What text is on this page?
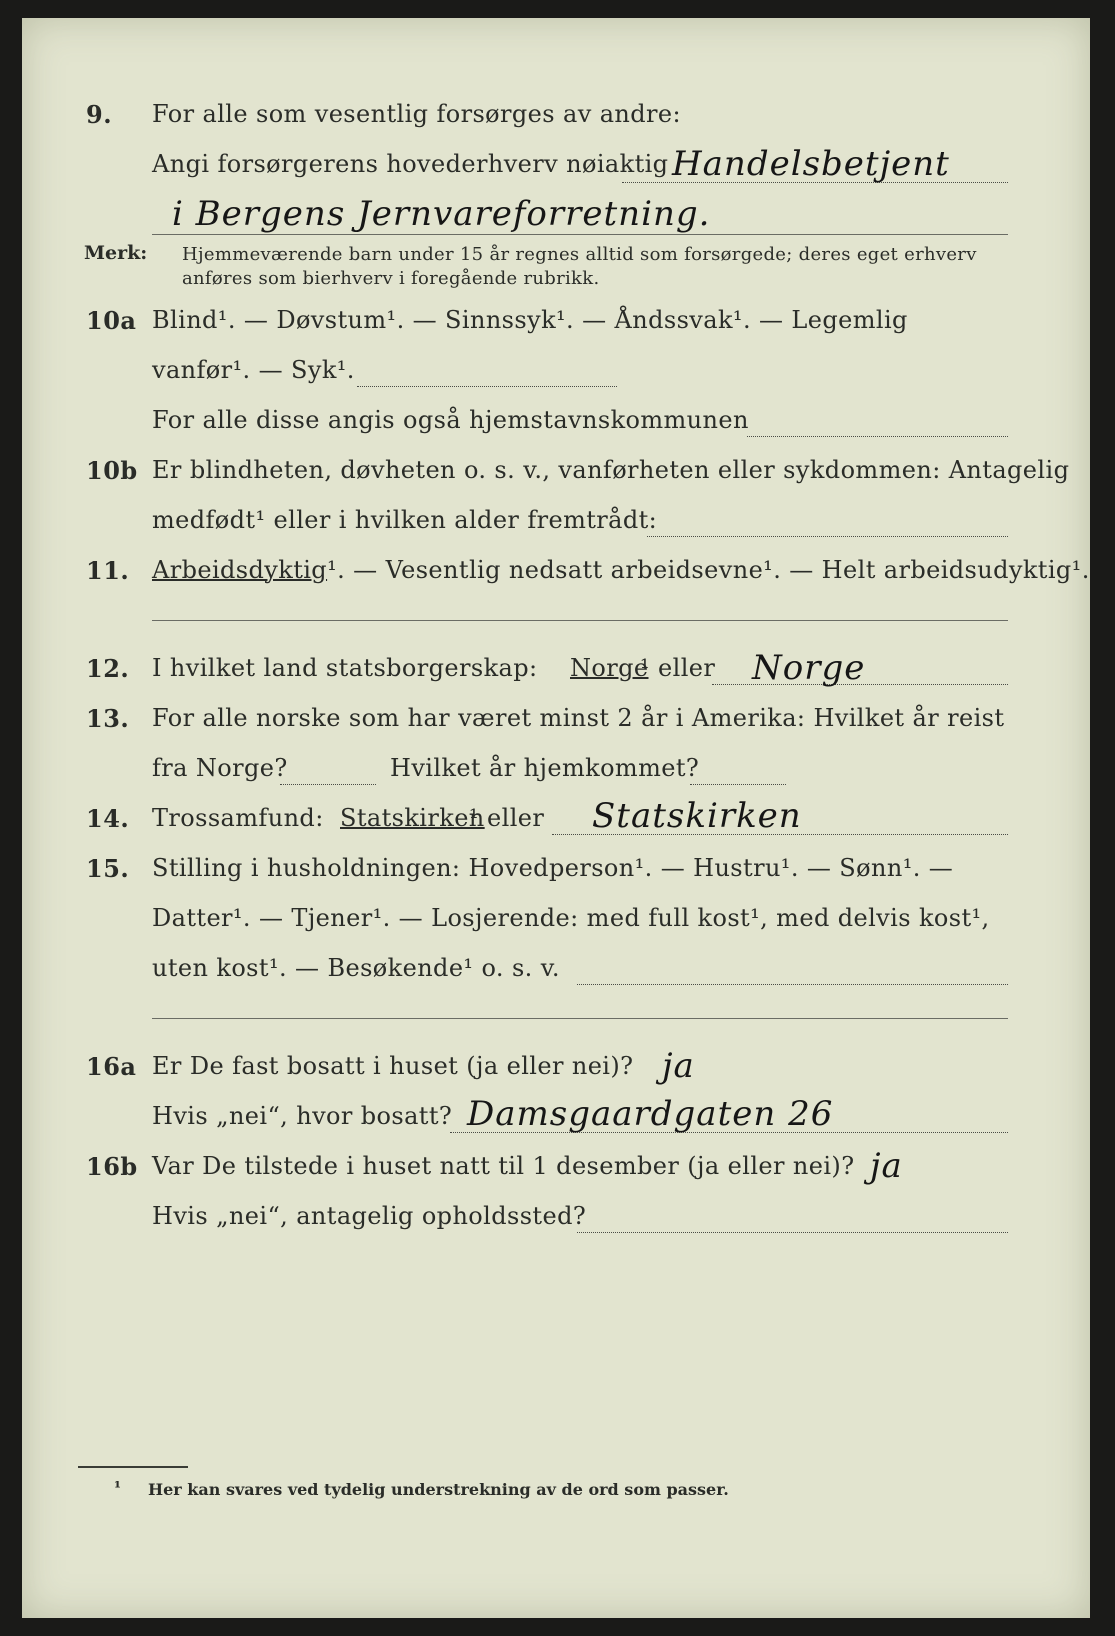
9. For alle som vesentlig forsørges av andre:
Angi forsørgerens hovederhverv nøiaktig Handelsbetjent
i Bergens Jernvareforretning.
Merk: Hjemmeværende barn under 15 år regnes alltid som forsørgede; deres eget erhverv
anføres som bierhverv i foregående rubrikk.
10a Blind¹. — Døvstum¹. — Sinnssyk¹. — Åndssvak¹. — Legemlig
vanfør¹. — Syk¹.
For alle disse angis også hjemstavnskommunen
10b Er blindheten, døvheten o. s. v., vanførheten eller sykdommen: Antagelig
medfødt¹ eller i hvilken alder fremtrådt:
11. Arbeidsdyktig¹. — Vesentlig nedsatt arbeidsevne¹. — Helt arbeidsudyktig¹.
12. I hvilket land statsborgerskap: Norge
¹ eller Norge
13. For alle norske som har været minst 2 år i Amerika: Hvilket år reist
fra Norge?	Hvilket år hjemkommet?
14. Trossamfund: Statskirken
¹ eller Statskirken
15. Stilling i husholdningen: Hovedperson¹. — Hustru¹. — Sønn¹. —
Datter¹. — Tjener¹. — Losjerende: med full kost¹, med delvis kost¹,
uten kost¹. — Besøkende¹ o. s. v.
16a Er De fast bosatt i huset (ja eller nei)? ja
Hvis „nei“, hvor bosatt? Damsgaardgaten 26
16b Var De tilstede i huset natt til 1 desember (ja eller nei)? ja
Hvis „nei“, antagelig opholdssted?
¹ Her kan svares ved tydelig understrekning av de ord som passer.
